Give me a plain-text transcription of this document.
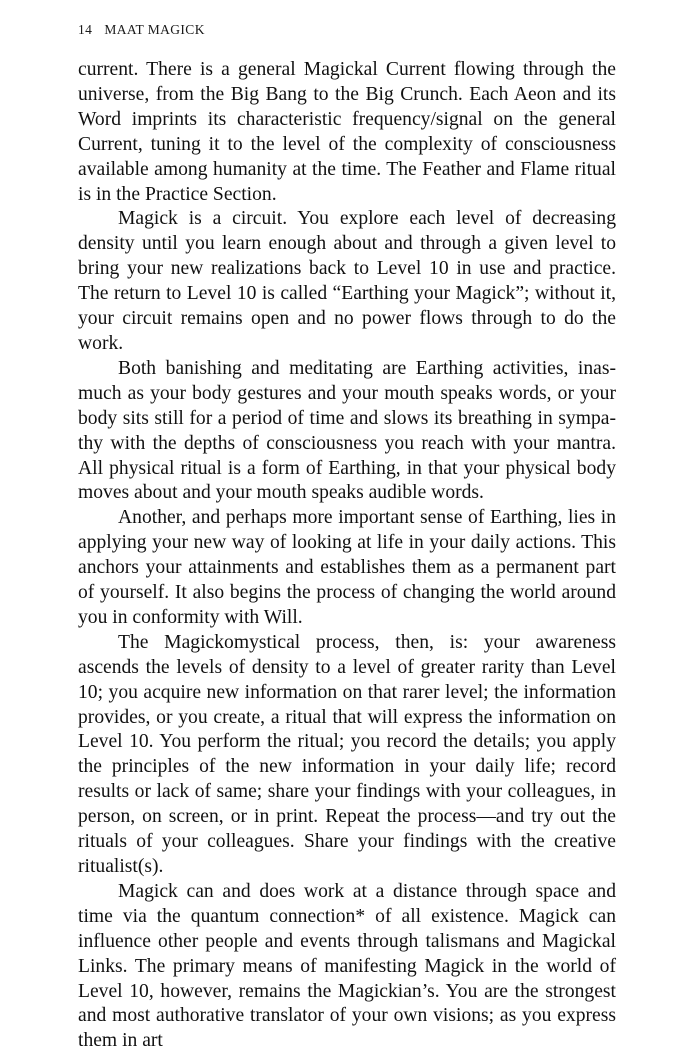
14 MAAT MAGICK

current. There is a general Magickal Current flowing through the universe, from the Big Bang to the Big Crunch. Each Aeon and its Word imprints its characteristic frequency/signal on the general Current, tuning it to the level of the complexity of consciousness available among humanity at the time. The Feather and Flame ritual is in the Practice Section.

Magick is a circuit. You explore each level of decreasing density until you learn enough about and through a given level to bring your new realizations back to Level 10 in use and practice. The return to Level 10 is called “Earthing your Magick”; without it, your circuit remains open and no power flows through to do the work.

Both banishing and meditating are Earthing activities, inasmuch as your body gestures and your mouth speaks words, or your body sits still for a period of time and slows its breathing in sympathy with the depths of consciousness you reach with your mantra. All physical ritual is a form of Earthing, in that your physical body moves about and your mouth speaks audible words.

Another, and perhaps more important sense of Earthing, lies in applying your new way of looking at life in your daily actions. This anchors your attainments and establishes them as a permanent part of yourself. It also begins the process of changing the world around you in conformity with Will.

The Magickomystical process, then, is: your awareness ascends the levels of density to a level of greater rarity than Level 10; you acquire new information on that rarer level; the information provides, or you create, a ritual that will express the information on Level 10. You perform the ritual; you record the details; you apply the principles of the new information in your daily life; record results or lack of same; share your findings with your colleagues, in person, on screen, or in print. Repeat the process—and try out the rituals of your colleagues. Share your findings with the creative ritualist(s).

Magick can and does work at a distance through space and time via the quantum connection* of all existence. Magick can influence other people and events through talismans and Magickal Links. The primary means of manifesting Magick in the world of Level 10, however, remains the Magickian’s. You are the strongest and most authorative translator of your own visions; as you express them in art
